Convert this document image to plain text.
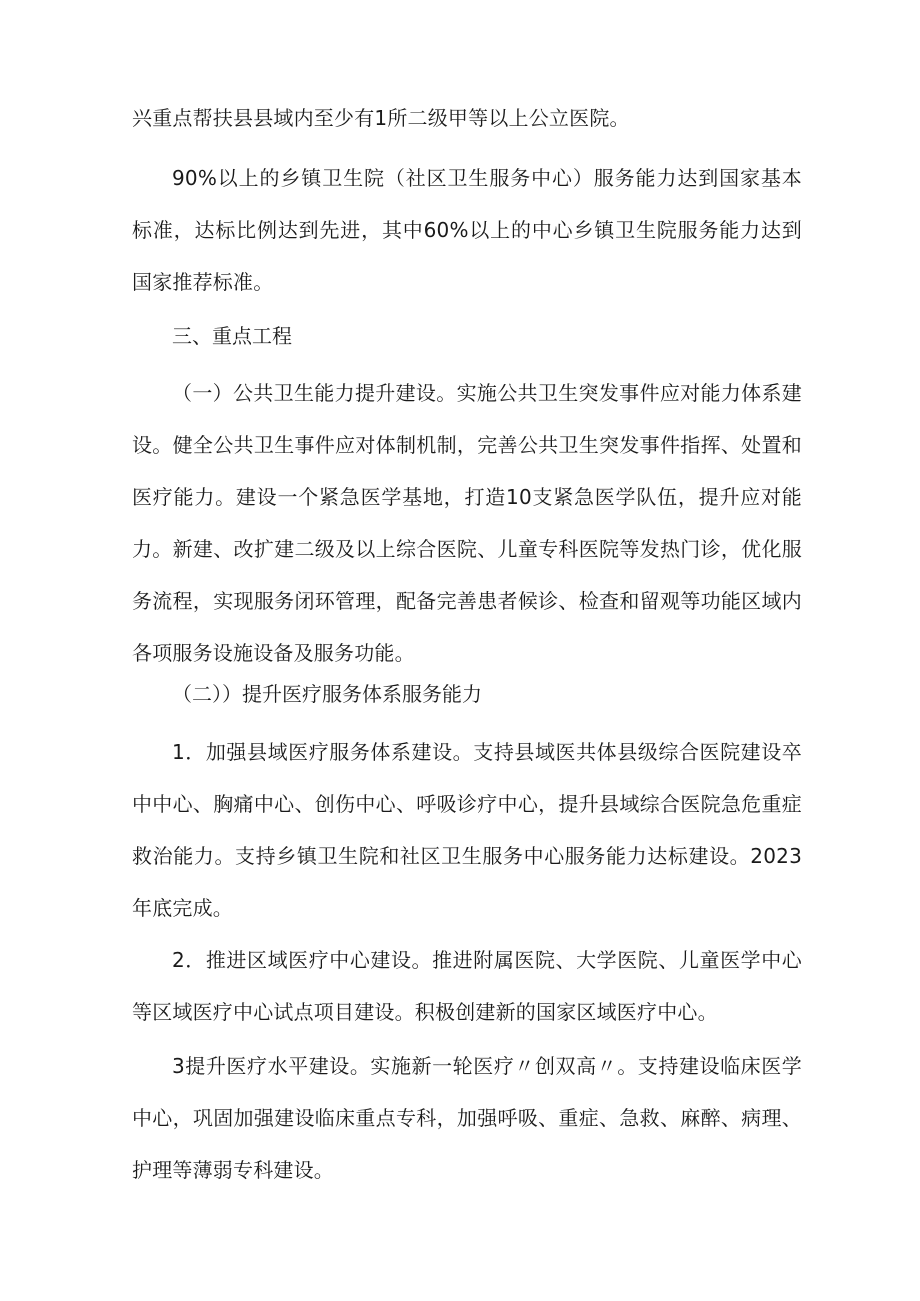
兴重点帮扶县县域内至少有1所二级甲等以上公立医院。

90%以上的乡镇卫生院（社区卫生服务中心）服务能力达到国家基本标准，达标比例达到先进，其中60%以上的中心乡镇卫生院服务能力达到国家推荐标准。

三、重点工程

（一）公共卫生能力提升建设。实施公共卫生突发事件应对能力体系建设。健全公共卫生事件应对体制机制，完善公共卫生突发事件指挥、处置和医疗能力。建设一个紧急医学基地，打造10支紧急医学队伍，提升应对能力。新建、改扩建二级及以上综合医院、儿童专科医院等发热门诊，优化服务流程，实现服务闭环管理，配备完善患者候诊、检查和留观等功能区域内各项服务设施设备及服务功能。

（二））提升医疗服务体系服务能力

1．加强县域医疗服务体系建设。支持县域医共体县级综合医院建设卒中中心、胸痛中心、创伤中心、呼吸诊疗中心，提升县域综合医院急危重症救治能力。支持乡镇卫生院和社区卫生服务中心服务能力达标建设。2023年底完成。

2．推进区域医疗中心建设。推进附属医院、大学医院、儿童医学中心等区域医疗中心试点项目建设。积极创建新的国家区域医疗中心。

3提升医疗水平建设。实施新一轮医疗〃创双高〃。支持建设临床医学中心，巩固加强建设临床重点专科，加强呼吸、重症、急救、麻醉、病理、护理等薄弱专科建设。
